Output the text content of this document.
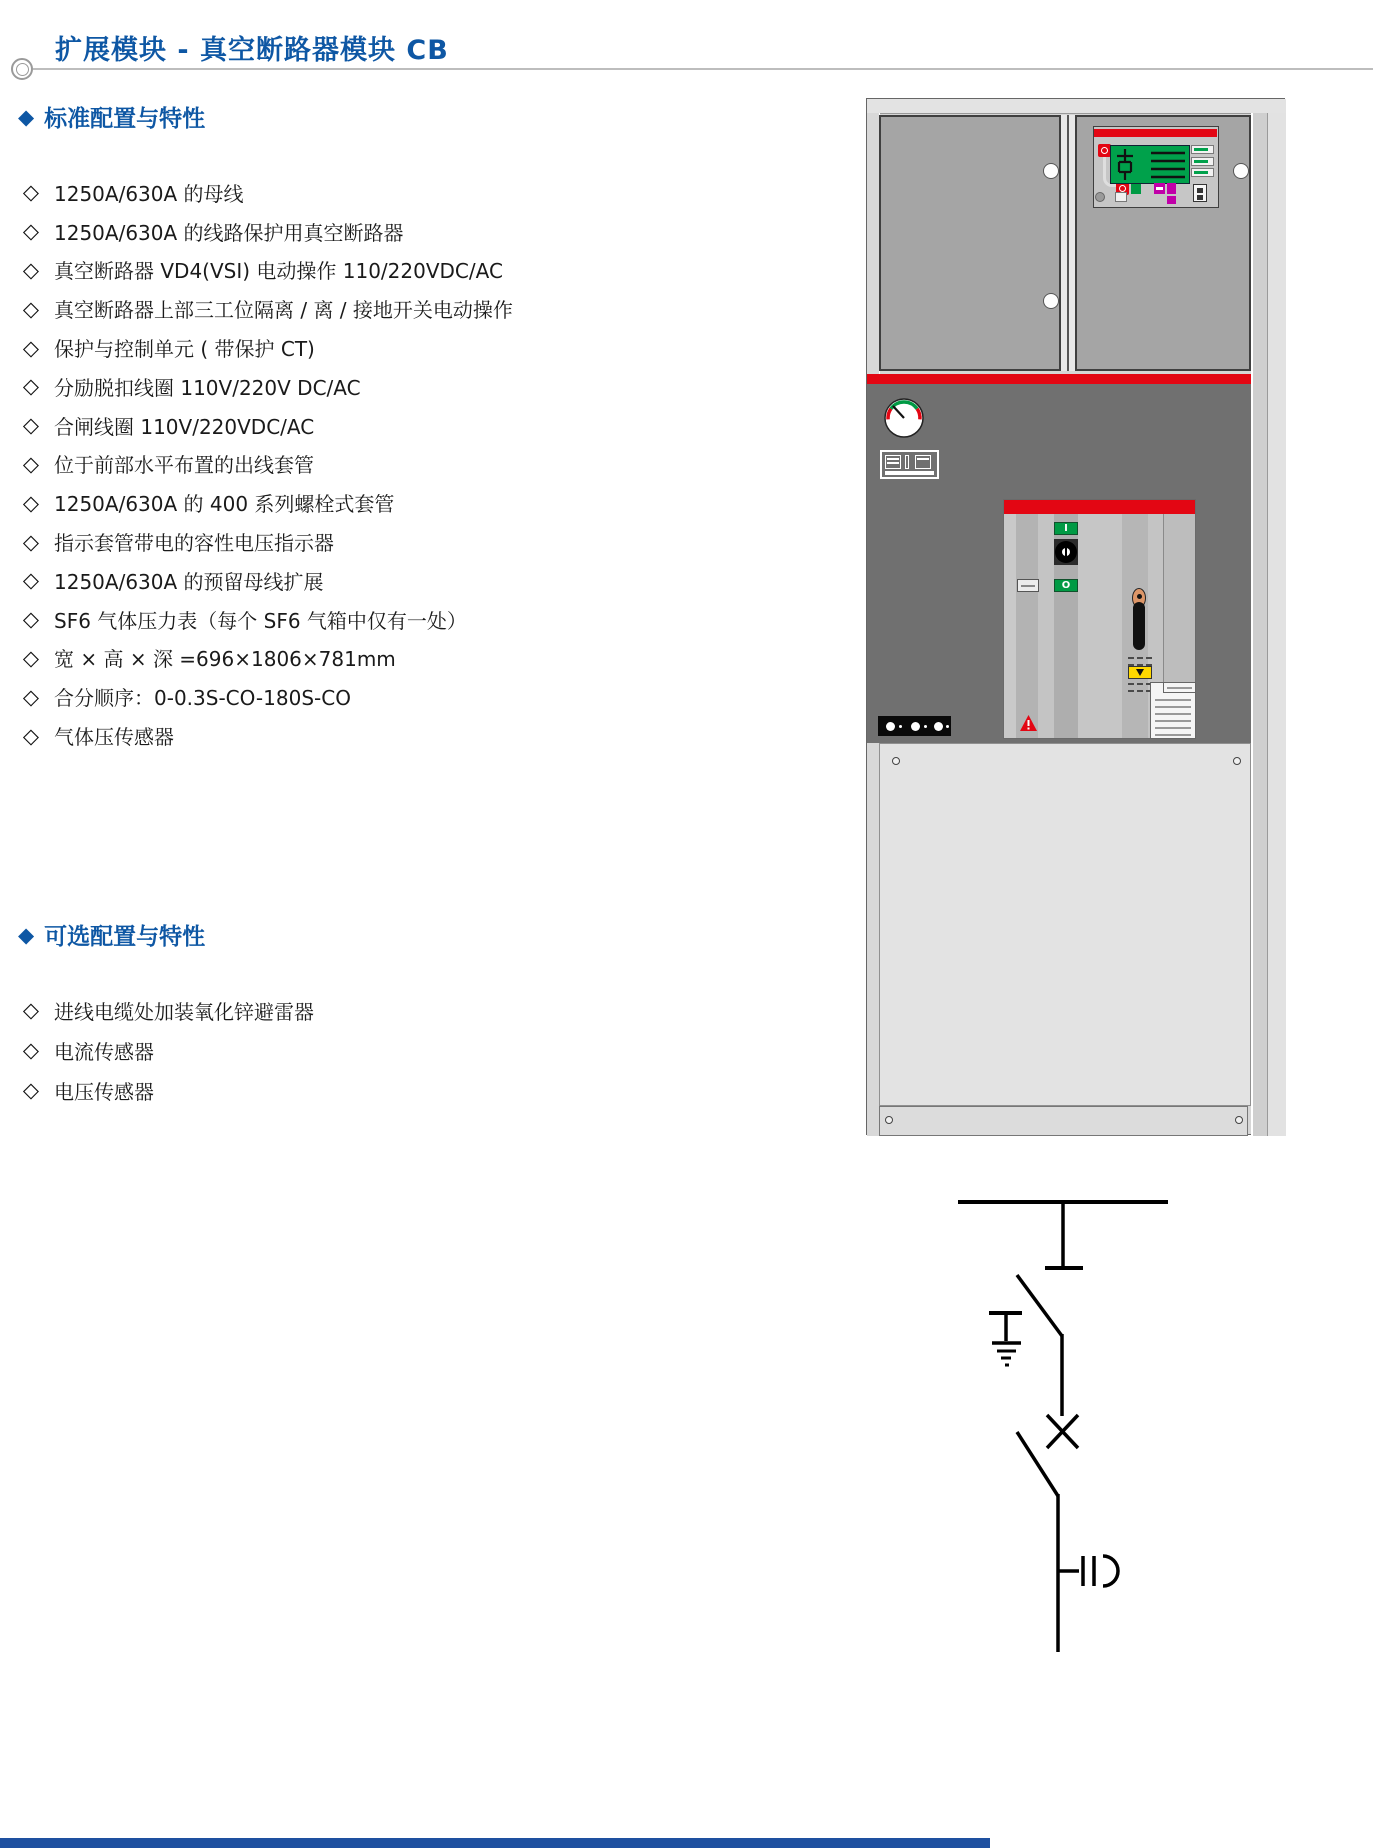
扩展模块 - 真空断路器模块 CB
◆ 标准配置与特性
◇ 1250A/630A 的母线
◇ 1250A/630A 的线路保护用真空断路器
◇ 真空断路器 VD4(VSI) 电动操作 110/220VDC/AC
◇ 真空断路器上部三工位隔离 / 离 / 接地开关电动操作
◇ 保护与控制单元 ( 带保护 CT)
◇ 分励脱扣线圈 110V/220V DC/AC
◇ 合闸线圈 110V/220VDC/AC
◇ 位于前部水平布置的出线套管
◇ 1250A/630A 的 400 系列螺栓式套管
◇ 指示套管带电的容性电压指示器
◇ 1250A/630A 的预留母线扩展
◇ SF6 气体压力表（每个 SF6 气箱中仅有一处）
◇ 宽 × 高 × 深 =696×1806×781mm
◇ 合分顺序：0-0.3S-CO-180S-CO
◇ 气体压传感器
◆ 可选配置与特性
◇ 进线电缆处加装氧化锌避雷器
◇ 电流传感器
◇ 电压传感器
I
O
